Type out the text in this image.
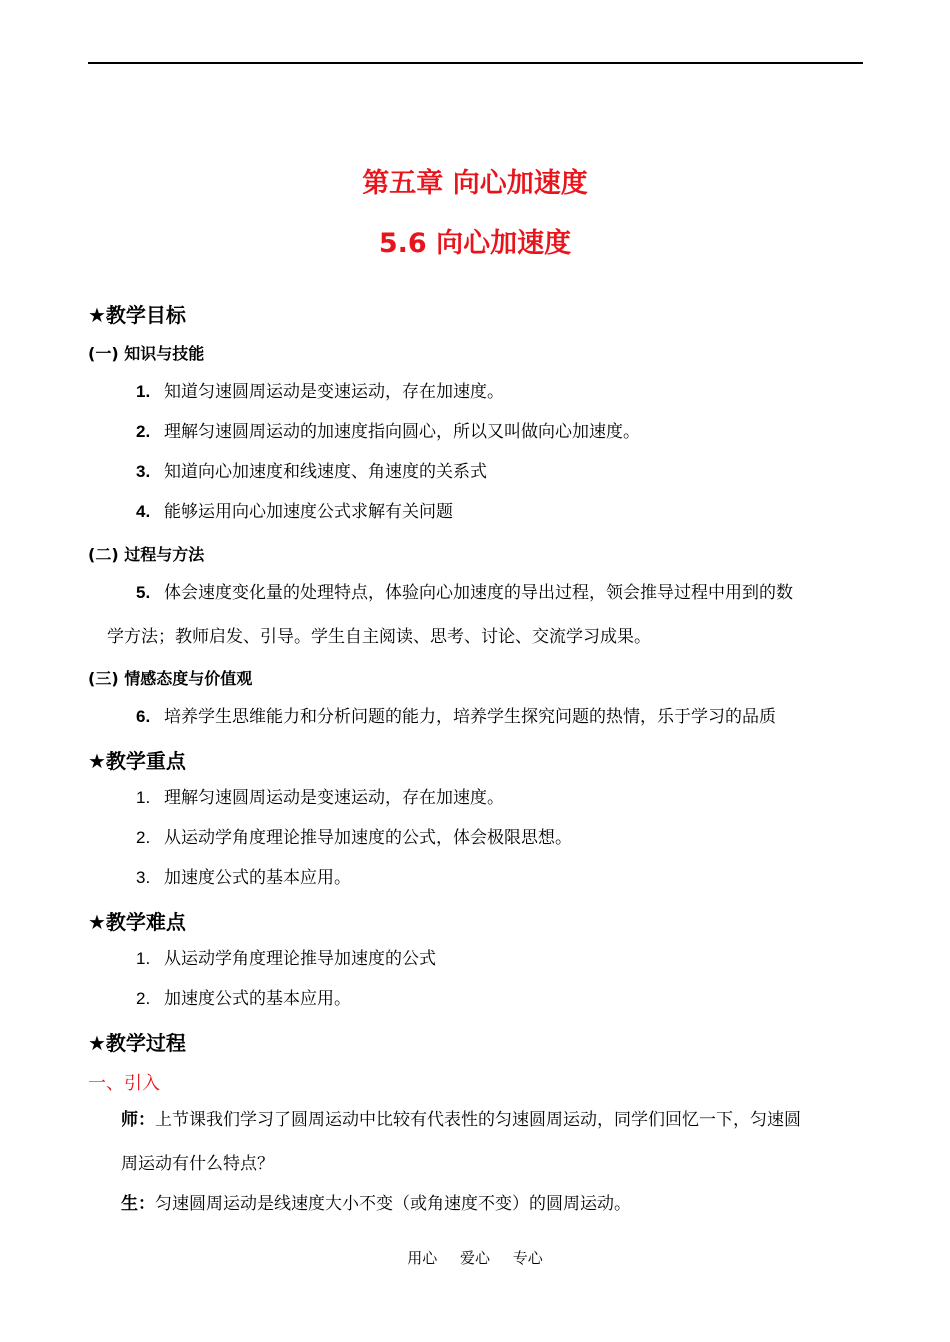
第五章 向心加速度
5.6 向心加速度
★教学目标
(一) 知识与技能
1. 知道匀速圆周运动是变速运动，存在加速度。
2. 理解匀速圆周运动的加速度指向圆心，所以又叫做向心加速度。
3. 知道向心加速度和线速度、角速度的关系式
4. 能够运用向心加速度公式求解有关问题
(二) 过程与方法
5. 体会速度变化量的处理特点，体验向心加速度的导出过程，领会推导过程中用到的数
学方法；教师启发、引导。学生自主阅读、思考、讨论、交流学习成果。
(三) 情感态度与价值观
6. 培养学生思维能力和分析问题的能力，培养学生探究问题的热情，乐于学习的品质
★教学重点
1. 理解匀速圆周运动是变速运动，存在加速度。
2. 从运动学角度理论推导加速度的公式，体会极限思想。
3. 加速度公式的基本应用。
★教学难点
1. 从运动学角度理论推导加速度的公式
2. 加速度公式的基本应用。
★教学过程
一、引入
师：上节课我们学习了圆周运动中比较有代表性的匀速圆周运动，同学们回忆一下，匀速圆
周运动有什么特点？
生：匀速圆周运动是线速度大小不变（或角速度不变）的圆周运动。
用心 爱心 专心
